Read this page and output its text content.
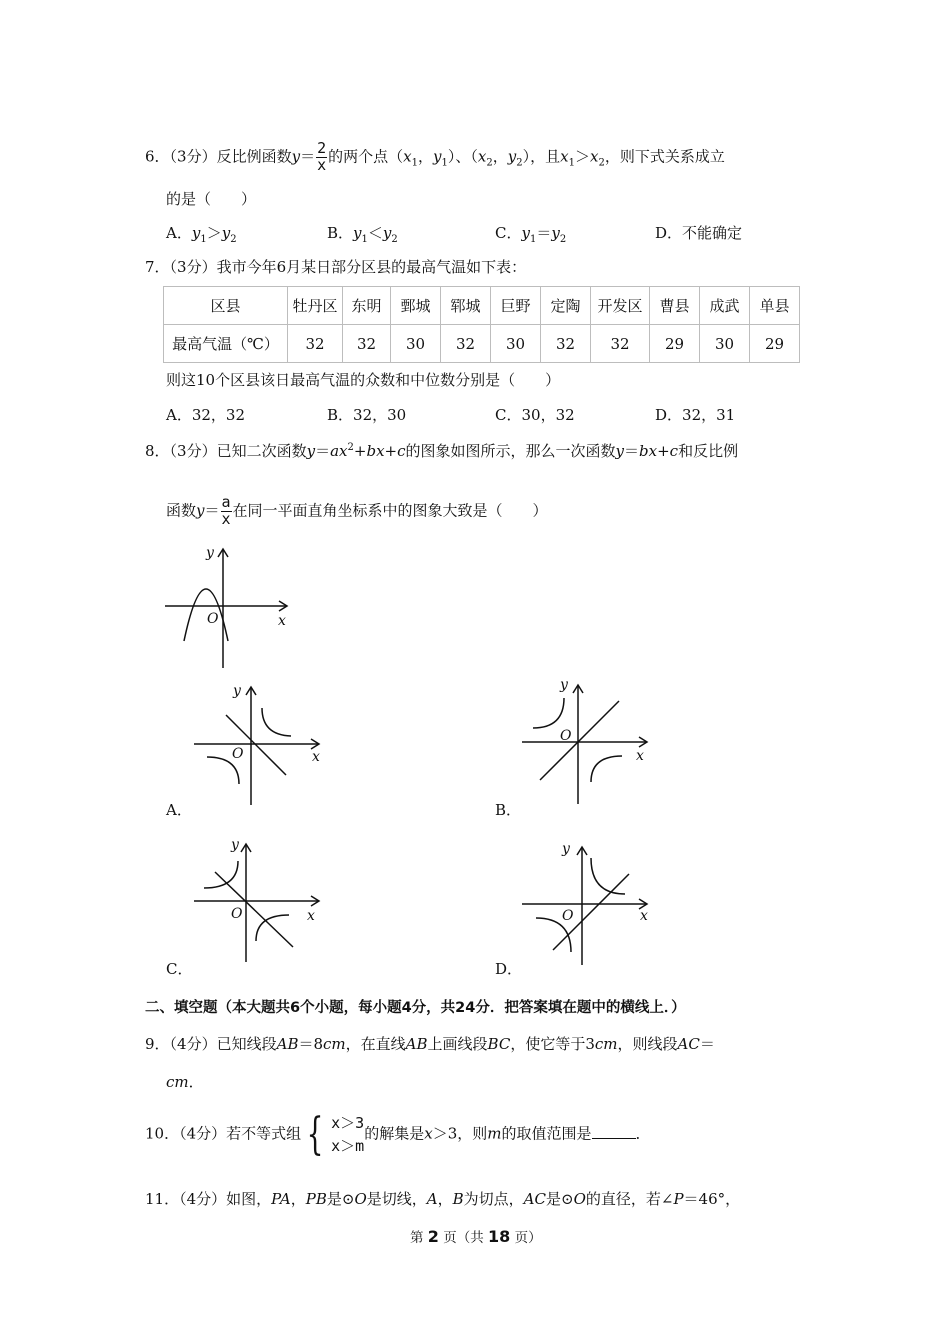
6．（3分）反比例函数$y= \frac{2}{x}$ 的两个点（$x_1$，$y_1$）、（$x_2$，$y_2$），且$x_1>x_2$，则下式关系成立
的是（　　）
A．$y_1>y_2$	B．$y_1<y_2$	C．$y_1=y_2$	D．不能确定
7．（3分）我市今年6月某日部分区县的最高气温如下表：
区县	牡丹区	东明	鄄城	郓城	巨野	定陶	开发区	曹县	成武	单县
最高气温（℃）	32	32	30	32	30	32	32	29	30	29
则这10个区县该日最高气温的众数和中位数分别是（　　）
A．32，32	B．32，30	C．30，32	D．32，31
8．（3分）已知二次函数$y=ax^2+bx+c$的图象如图所示，那么一次函数y＝bx+c和反比例
函数$y= \frac{a}{x}$ 在同一平面直角坐标系中的图象大致是（　　）
y
O	x
y
O	x
A．
y
O
x
B．
y
O	x
C．
y
O	x
D．
二、填空题（本大题共6个小题，每小题4分，共24分．把答案填在题中的横线上．）
9．（4分）已知线段AB＝8cm，在直线AB上画线段BC，使它等于3cm，则线段AC＝
cm．
10．（4分）若不等式组 { x＞3
x＞m
的解集是x＞3，则m的取值范围是	．
11．（4分）如图，PA，PB是⊙O是切线，A，B为切点，AC是⊙O的直径，若∠P＝46°，
第 2 页（共 18 页）
